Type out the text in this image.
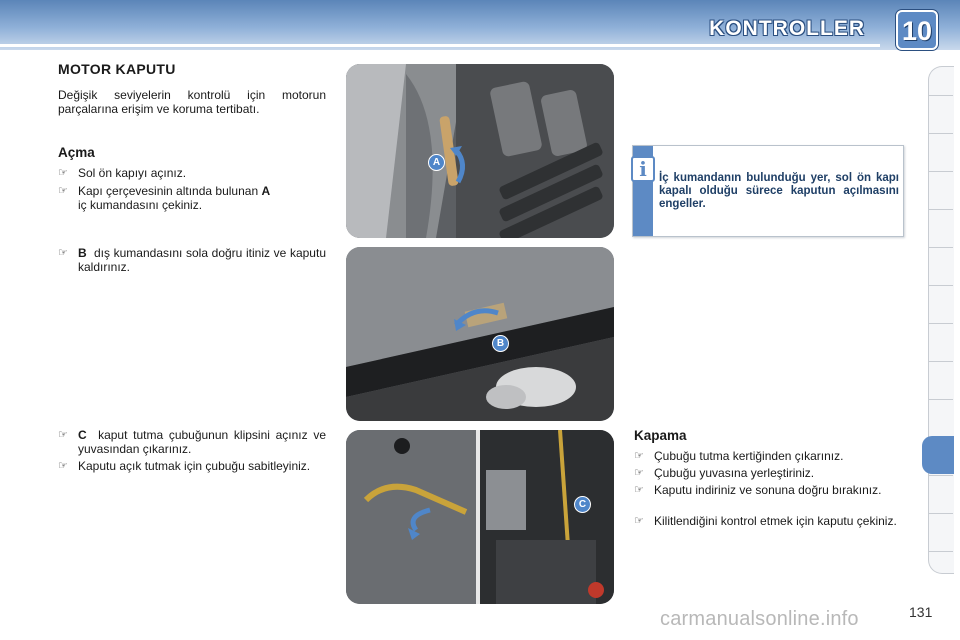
KONTROLLER 10
MOTOR KAPUTU
Değişik seviyelerin kontrolü için motorun parçalarına erişim ve koruma tertibatı.
Açma
☞ Sol ön kapıyı açınız.
☞ Kapı çerçevesinin altında bulunan A
iç kumandasını çekiniz.
☞ B dış kumandasını sola doğru itiniz ve kaputu kaldırınız.
☞ C kaput tutma çubuğunun klipsini açınız ve yuvasından çıkarınız.
☞ Kaputu açık tutmak için çubuğu sabitleyiniz.
A
B
C
i	İç kumandanın bulunduğu yer, sol ön kapı kapalı olduğu sürece kaputun açılmasını engeller.
Kapama
☞ Çubuğu tutma kertiğinden çıkarınız.
☞ Çubuğu yuvasına yerleştiriniz.
☞ Kaputu indiriniz ve sonuna doğru bırakınız.
☞ Kilitlendiğini kontrol etmek için kaputu çekiniz.
carmanualsonline.info	131
